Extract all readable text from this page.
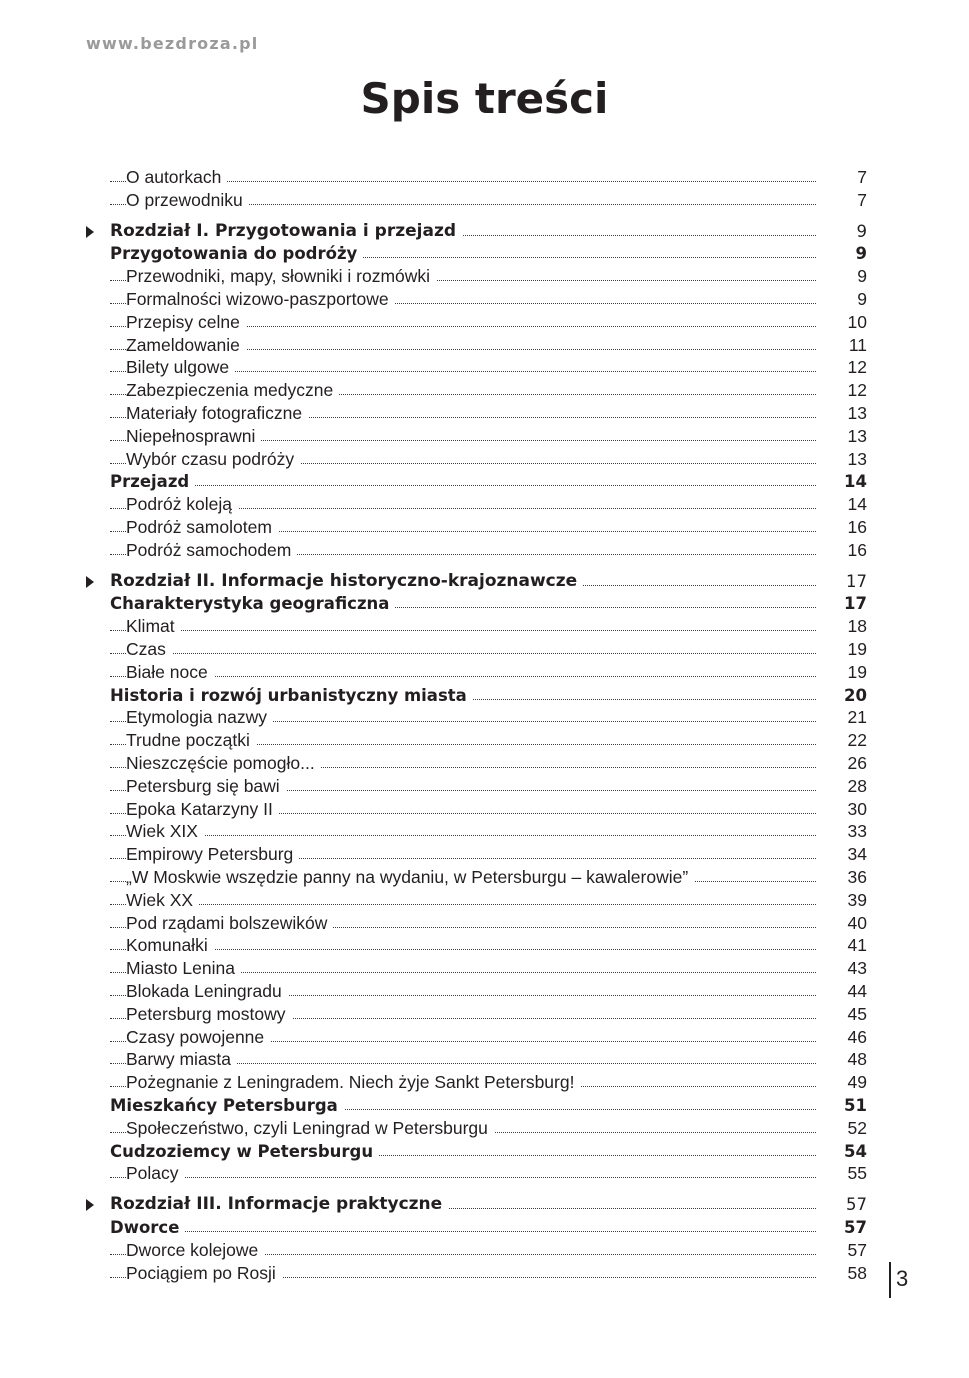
www.bezdroza.pl
Spis treści
O autorkach	7
O przewodniku	7
Rozdział I. Przygotowania i przejazd	9
Przygotowania do podróży	9
Przewodniki, mapy, słowniki i rozmówki	9
Formalności wizowo-paszportowe	9
Przepisy celne	10
Zameldowanie	11
Bilety ulgowe	12
Zabezpieczenia medyczne	12
Materiały fotograficzne	13
Niepełnosprawni	13
Wybór czasu podróży	13
Przejazd	14
Podróż koleją	14
Podróż samolotem	16
Podróż samochodem	16
Rozdział II. Informacje historyczno-krajoznawcze	17
Charakterystyka geograficzna	17
Klimat	18
Czas	19
Białe noce	19
Historia i rozwój urbanistyczny miasta	20
Etymologia nazwy	21
Trudne początki	22
Nieszczęście pomogło...	26
Petersburg się bawi	28
Epoka Katarzyny II	30
Wiek XIX	33
Empirowy Petersburg	34
„W Moskwie wszędzie panny na wydaniu, w Petersburgu – kawalerowie”	36
Wiek XX	39
Pod rządami bolszewików	40
Komunałki	41
Miasto Lenina	43
Blokada Leningradu	44
Petersburg mostowy	45
Czasy powojenne	46
Barwy miasta	48
Pożegnanie z Leningradem. Niech żyje Sankt Petersburg!	49
Mieszkańcy Petersburga	51
Społeczeństwo, czyli Leningrad w Petersburgu	52
Cudzoziemcy w Petersburgu	54
Polacy	55
Rozdział III. Informacje praktyczne	57
Dworce	57
Dworce kolejowe	57
Pociągiem po Rosji	58 3
